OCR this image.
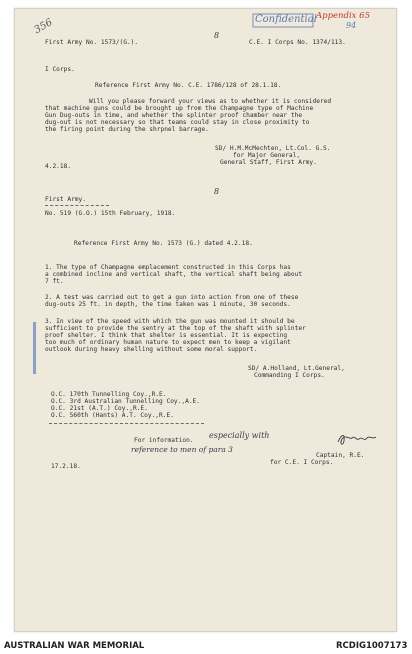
356	Confidential Appendix 65
94
First Army No. 1573/(G.).
8
C.E. I Corps No. 1374/113.
I Corps.
Reference First Army No. C.E. 1786/128 of 28.1.18.
Will you please forward your views as to whether it is considered
that machine guns could be brought up from the Champagne type of Machine
Gun Dug-outs in time, and whether the splinter proof chamber near the
dug-out is not necessary so that teams could stay in close proximity to
the firing point during the shrpnel barrage.
SD/ H.M.McMechten, Lt.Col. G.S.
for Major General,
General Staff, First Army.
4.2.18.
First Army.
8
No. 519 (G.O.) 15th February, 1918.
Reference First Army No. 1573 (G.) dated 4.2.18.
1. The type of Champagne emplacement constructed in this Corps has
a combined incline and vertical shaft, the vertical shaft being about
7 ft.
2. A test was carried out to get a gun into action from one of these
dug-outs 25 ft. in depth, the time taken was 1 minute, 30 seconds.
3. In view of the speed with which the gun was mounted it should be
sufficient to provide the sentry at the top of the shaft with splinter
proof shelter. I think that shelter is essential. It is expecting
too much of ordinary human nature to expect men to keep a vigilant
outlook during heavy shelling without some moral support.
SD/ A.Holland, Lt.General,
Commanding I Corps.
O.C. 170th Tunnelling Coy.,R.E.
O.C. 3rd Australian Tunnelling Coy.,A.E.
O.C. 21st (A.T.) Coy.,R.E.
O.C. 560th (Hants) A.T. Coy.,R.E.
For information.
especially with
reference to men of para 3
Captain, R.E.
for C.E. I Corps.
17.2.18.
AUSTRALIAN WAR MEMORIAL	RCDIG1007173
